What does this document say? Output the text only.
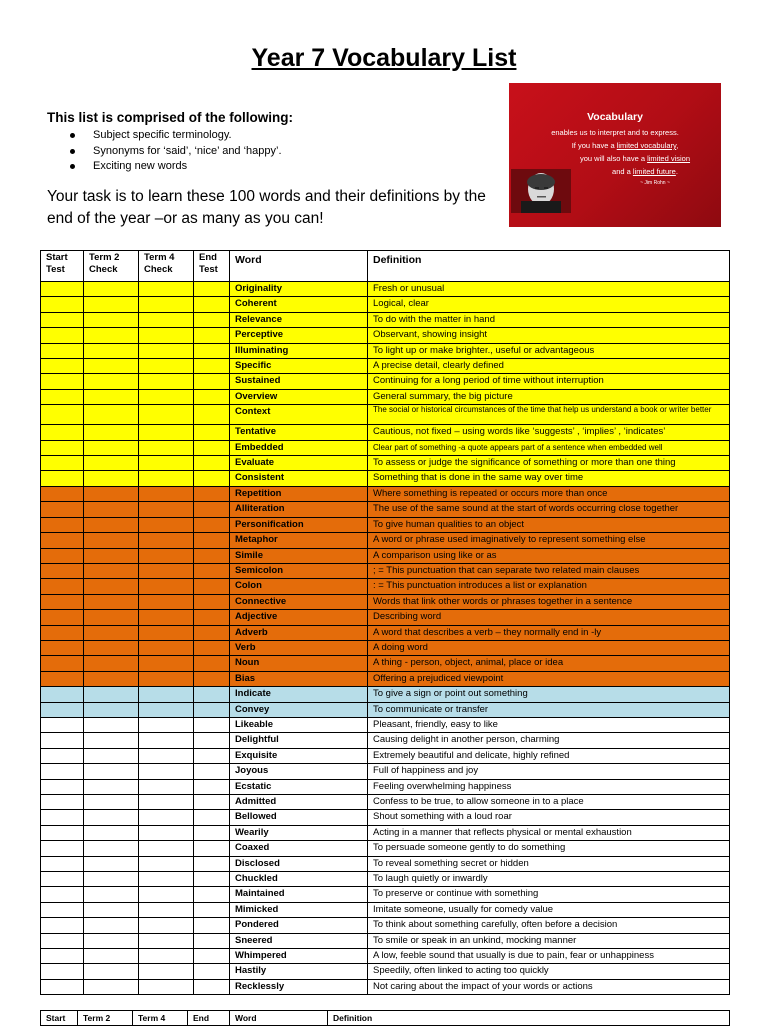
Year 7 Vocabulary List
This list is comprised of the following:
Subject specific terminology.
Synonyms for ‘said’, ‘nice’ and ‘happy’.
Exciting new words
Your task is to learn these 100 words and their definitions by the end of the year –or as many as you can!
Vocabulary
enables us to interpret and to express.
If you have a limited vocabulary,
you will also have a limited vision
and a limited future.
~ Jim Rohn ~
Start Test	Term 2 Check	Term 4 Check	End Test	Word	Definition
				Originality	Fresh or unusual
				Coherent	Logical, clear
				Relevance	To do with the matter in hand
				Perceptive	Observant, showing insight
				Illuminating	To light up or make brighter., useful or advantageous
				Specific	A precise detail, clearly defined
				Sustained	Continuing for a long period of time without interruption
				Overview	General summary, the big picture
				Context	The social or historical circumstances of the time that help us understand a book or writer better
				Tentative	Cautious, not fixed – using words like ‘suggests’ , ‘implies’ , ‘indicates’
				Embedded	Clear part of something -a quote appears part of a sentence when embedded well
				Evaluate	To assess or judge the significance of something or more than one thing
				Consistent	Something that is done in the same way over time
				Repetition	Where something is repeated or occurs more than once
				Alliteration	The use of the same sound at the start of words occurring close together
				Personification	To give human qualities to an object
				Metaphor	A word or phrase used imaginatively to represent something else
				Simile	A comparison using like or as
				Semicolon	; = This punctuation that can separate two related main clauses
				Colon	: = This punctuation introduces a list or explanation
				Connective	Words that link other words or phrases together in a sentence
				Adjective	Describing word
				Adverb	A word that describes a verb – they normally end in -ly
				Verb	A doing word
				Noun	A thing - person, object, animal, place or idea
				Bias	Offering a prejudiced viewpoint
				Indicate	To give a sign or point out something
				Convey	To communicate or transfer
				Likeable	Pleasant, friendly, easy to like
				Delightful	Causing delight in another person, charming
				Exquisite	Extremely beautiful and delicate, highly refined
				Joyous	Full of happiness and joy
				Ecstatic	Feeling overwhelming happiness
				Admitted	Confess to be true, to allow someone in to a place
				Bellowed	Shout something with a loud roar
				Wearily	Acting in a manner that reflects physical or mental exhaustion
				Coaxed	To persuade someone gently to do something
				Disclosed	To reveal something secret or hidden
				Chuckled	To laugh quietly or inwardly
				Maintained	To preserve or continue with something
				Mimicked	Imitate someone, usually for comedy value
				Pondered	To think about something carefully, often before a decision
				Sneered	To smile or speak in an unkind, mocking manner
				Whimpered	A low, feeble sound that usually is due to pain, fear or unhappiness
				Hastily	Speedily, often linked to acting too quickly
				Recklessly	Not caring about the impact of your words or actions
Start	Term 2	Term 4	End	Word	Definition
